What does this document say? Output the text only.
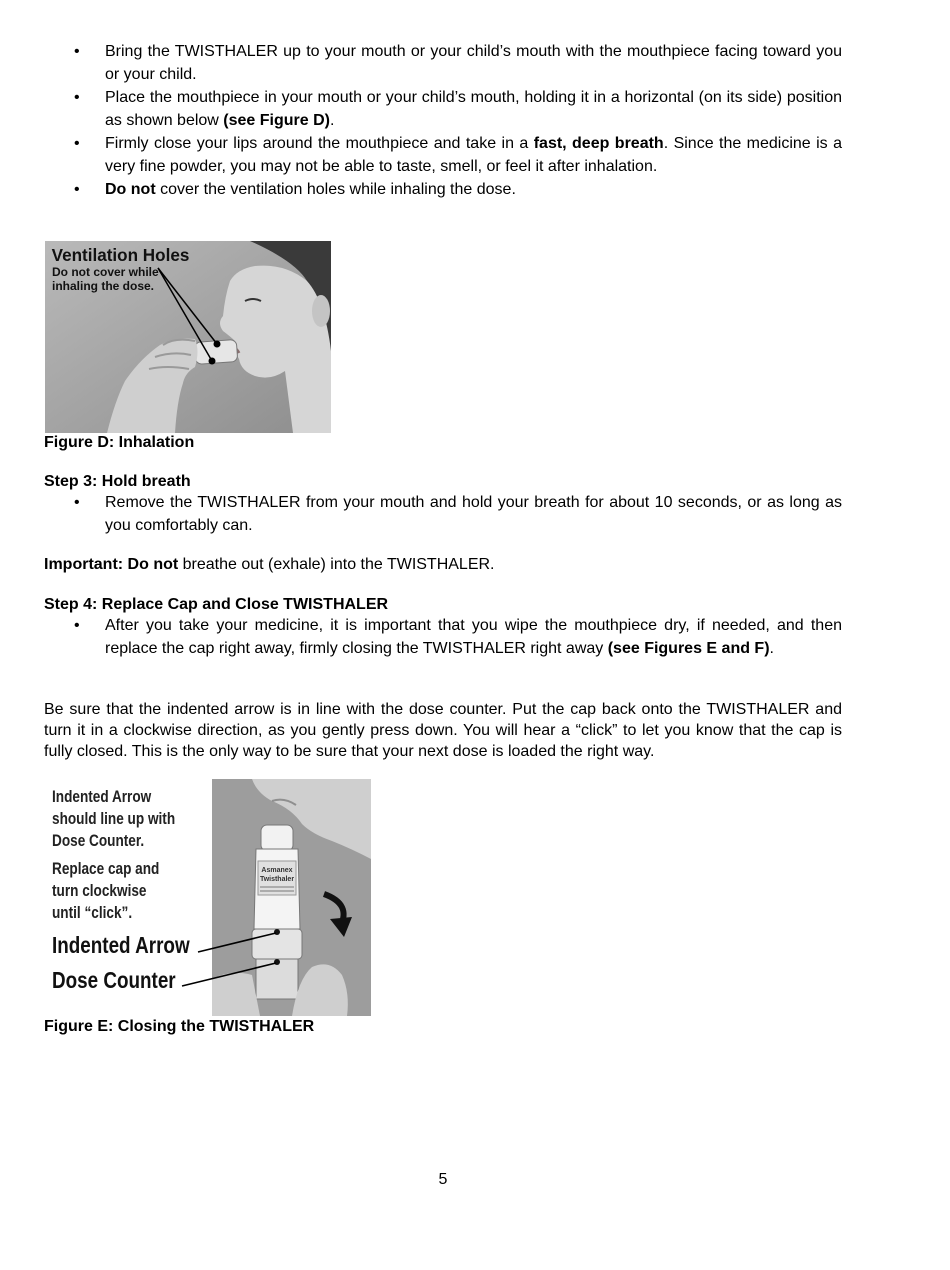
• Bring the TWISTHALER up to your mouth or your child’s mouth with the mouthpiece facing toward you or your child.
• Place the mouthpiece in your mouth or your child’s mouth, holding it in a horizontal (on its side) position as shown below (see Figure D).
• Firmly close your lips around the mouthpiece and take in a fast, deep breath. Since the medicine is a very fine powder, you may not be able to taste, smell, or feel it after inhalation.
• Do not cover the ventilation holes while inhaling the dose.
Ventilation Holes
Do not cover while
inhaling the dose.
Figure D: Inhalation
Step 3: Hold breath
• Remove the TWISTHALER from your mouth and hold your breath for about 10 seconds, or as long as you comfortably can.
Important: Do not breathe out (exhale) into the TWISTHALER.
Step 4: Replace Cap and Close TWISTHALER
• After you take your medicine, it is important that you wipe the mouthpiece dry, if needed, and then replace the cap right away, firmly closing the TWISTHALER right away (see Figures E and F).
Be sure that the indented arrow is in line with the dose counter. Put the cap back onto the TWISTHALER and turn it in a clockwise direction, as you gently press down. You will hear a “click” to let you know that the cap is fully closed. This is the only way to be sure that your next dose is loaded the right way.
Indented Arrow
should line up with
Dose Counter.
Replace cap and
turn clockwise
until “click”.
Indented Arrow
Dose Counter
Asmanex
Twisthaler
Figure E: Closing the TWISTHALER
5
